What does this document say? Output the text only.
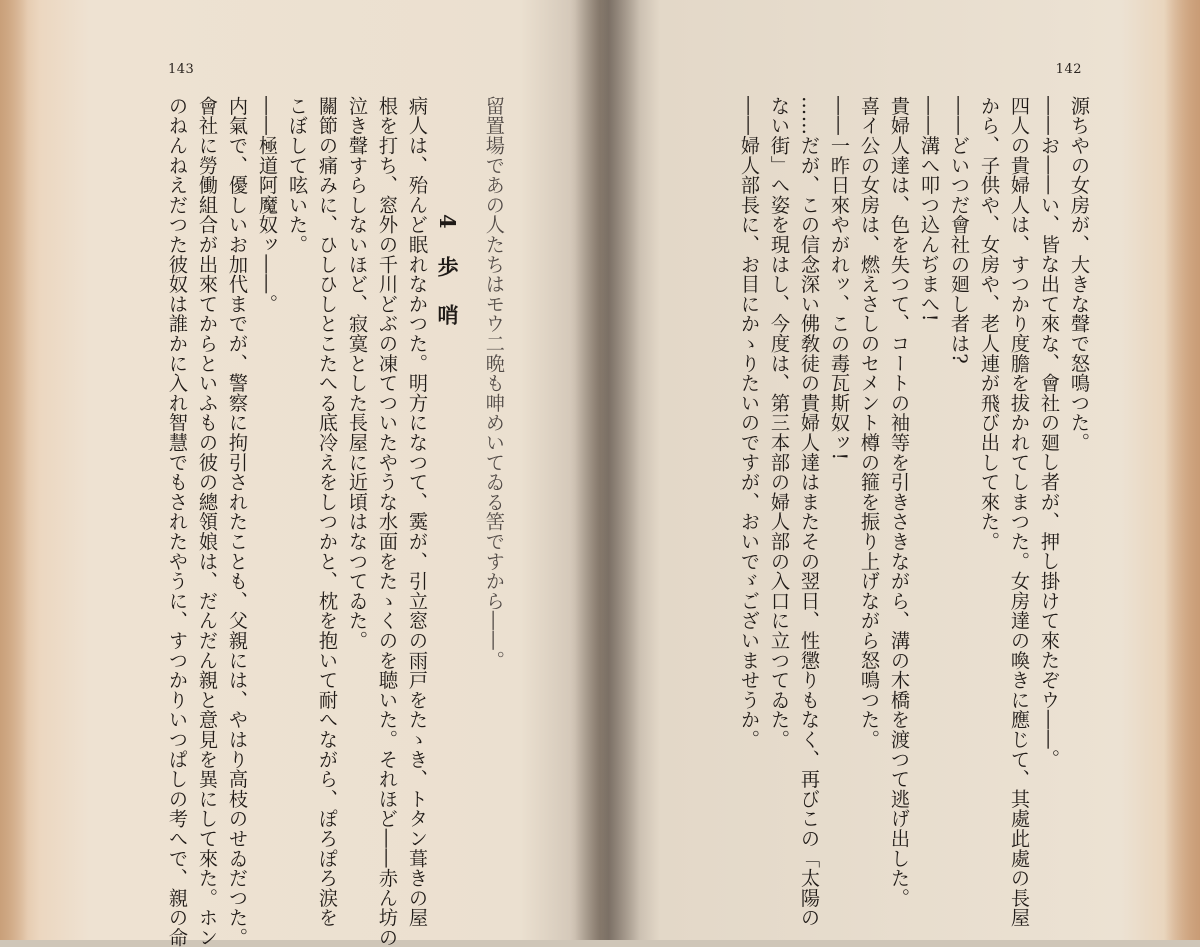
143
留置場であの人たちはモウ二晩も呻めいてゐる筈ですから――。
4 歩 哨
病人は、殆んど眠れなかつた。明方になつて、霙が、引立窓の雨戸をたゝき、トタン葺きの屋
根を打ち、窓外の千川どぶの凍てついたやうな水面をたゝくのを聴いた。それほど――赤ん坊の
泣き聲すらしないほど、寂寞とした長屋に近頃はなつてゐた。
關節の痛みに、ひしひしとこたへる底冷えをしつかと、枕を抱いて耐へながら、ぽろぽろ涙を
こぼして呟いた。
――極道阿魔奴ッ――。
内氣で、優しいお加代までが、警察に拘引されたことも、父親には、やはり高枝のせゐだつた。
會社に勞働組合が出來てからといふもの彼の總領娘は、だんだん親と意見を異にして來た。ホン
のねんねえだつた彼奴は誰かに入れ智慧でもされたやうに、すつかりいつぱしの考へで、親の命
142
源ちやの女房が、大きな聲で怒鳴つた。
――お――い、皆な出て來な、會社の廻し者が、押し掛けて來たぞウ――。
四人の貴婦人は、すつかり度膽を拔かれてしまつた。女房達の喚きに應じて、其處此處の長屋
から、子供や、女房や、老人連が飛び出して來た。
――どいつだ會社の廻し者は?
――溝へ叩つ込んぢまへ!
貴婦人達は、色を失つて、コートの袖等を引きさきながら、溝の木橋を渡つて逃げ出した。
喜イ公の女房は、燃えさしのセメント樽の箍を振り上げながら怒鳴つた。
――一昨日來やがれッ、この毒瓦斯奴ッ!
……だが、この信念深い佛敎徒の貴婦人達はまたその翌日、性懲りもなく、再びこの「太陽の
ない街」へ姿を現はし、今度は、第三本部の婦人部の入口に立つてゐた。
――婦人部長に、お目にかゝりたいのですが、おいでゞございませうか。
